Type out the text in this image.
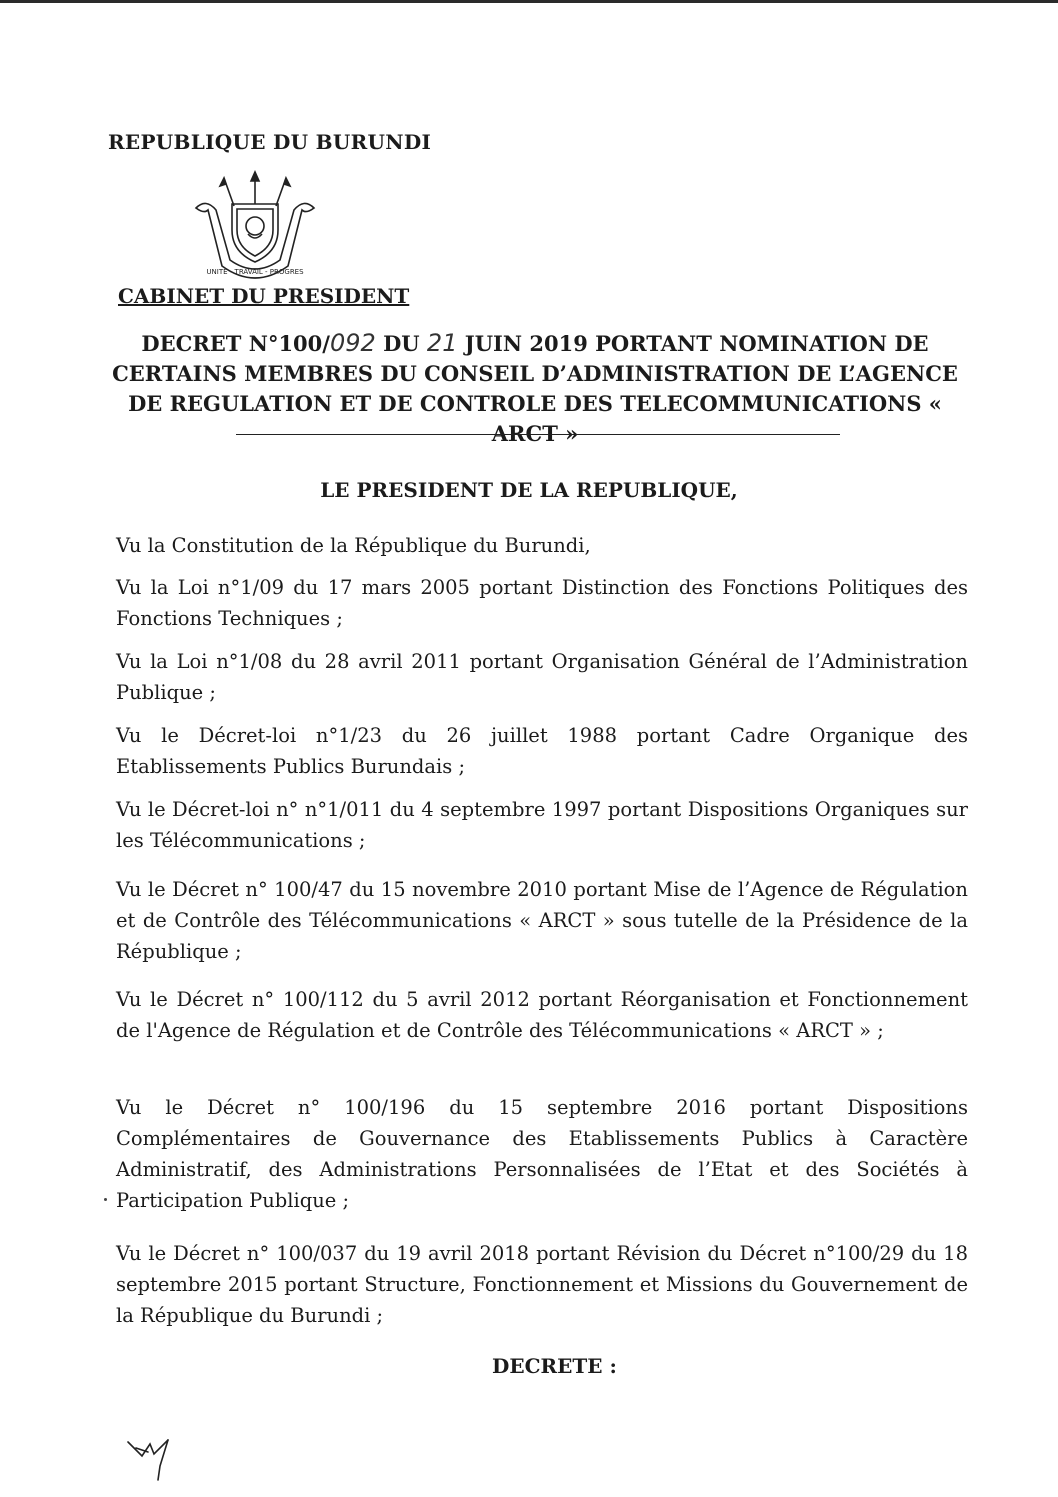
REPUBLIQUE DU BURUNDI
UNITE - TRAVAIL - PROGRES
CABINET DU PRESIDENT
DECRET N°100/092 DU 21 JUIN 2019 PORTANT NOMINATION DE CERTAINS MEMBRES DU CONSEIL D’ADMINISTRATION DE L’AGENCE DE REGULATION ET DE CONTROLE DES TELECOMMUNICATIONS « ARCT »
LE PRESIDENT DE LA REPUBLIQUE,
Vu la Constitution de la République du Burundi,
Vu la Loi n°1/09 du 17 mars 2005 portant Distinction des Fonctions Politiques des Fonctions Techniques ;
Vu la Loi n°1/08 du 28 avril 2011 portant Organisation Général de l’Administration Publique ;
Vu le Décret-loi n°1/23 du 26 juillet 1988 portant Cadre Organique des Etablissements Publics Burundais ;
Vu le Décret-loi n° n°1/011 du 4 septembre 1997 portant Dispositions Organiques sur les Télécommunications ;
Vu le Décret n° 100/47 du 15 novembre 2010 portant Mise de l’Agence de Régulation et de Contrôle des Télécommunications « ARCT » sous tutelle de la Présidence de la République ;
Vu le Décret n° 100/112 du 5 avril 2012 portant Réorganisation et Fonctionnement de l'Agence de Régulation et de Contrôle des Télécommunications « ARCT » ;
Vu le Décret n° 100/196 du 15 septembre 2016 portant Dispositions Complémentaires de Gouvernance des Etablissements Publics à Caractère Administratif, des Administrations Personnalisées de l’Etat et des Sociétés à Participation Publique ;
Vu le Décret n° 100/037 du 19 avril 2018 portant Révision du Décret n°100/29 du 18 septembre 2015 portant Structure, Fonctionnement et Missions du Gouvernement de la République du Burundi ;
DECRETE :
